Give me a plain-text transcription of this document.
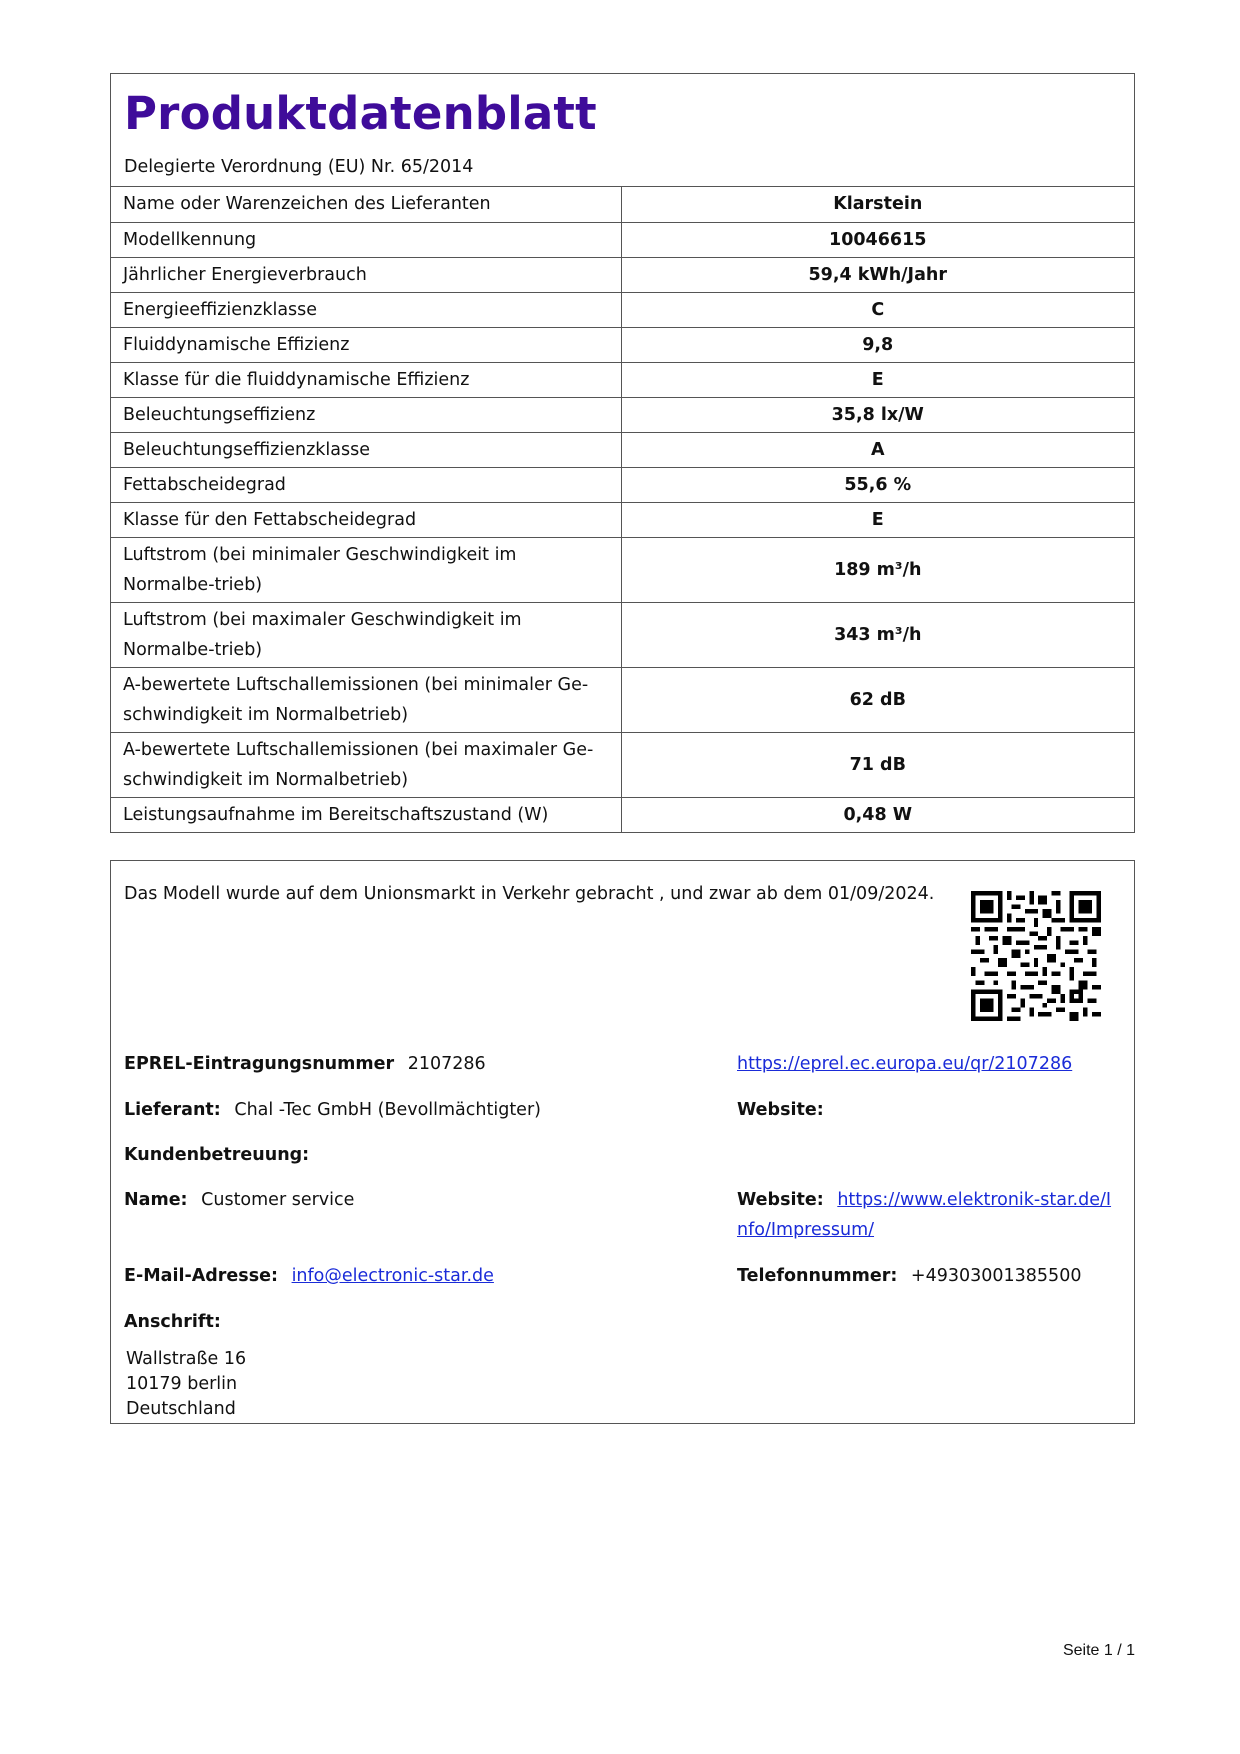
Produktdatenblatt
Delegierte Verordnung (EU) Nr. 65/2014
Name oder Warenzeichen des Lieferanten	Klarstein
Modellkennung	10046615
Jährlicher Energieverbrauch	59,4 kWh/Jahr
Energieeffizienzklasse	C
Fluiddynamische Effizienz	9,8
Klasse für die fluiddynamische Effizienz	E
Beleuchtungseffizienz	35,8 lx/W
Beleuchtungseffizienzklasse	A
Fettabscheidegrad	55,6 %
Klasse für den Fettabscheidegrad	E
Luftstrom (bei minimaler Geschwindigkeit im Normalbe-trieb)	189 m³/h
Luftstrom (bei maximaler Geschwindigkeit im Normalbe-trieb)	343 m³/h
A-bewertete Luftschallemissionen (bei minimaler Ge-schwindigkeit im Normalbetrieb)	62 dB
A-bewertete Luftschallemissionen (bei maximaler Ge-schwindigkeit im Normalbetrieb)	71 dB
Leistungsaufnahme im Bereitschaftszustand (W)	0,48 W
Das Modell wurde auf dem Unionsmarkt in Verkehr gebracht , und zwar ab dem 01/09/2024.
EPREL-Eintragungsnummer 2107286	https://eprel.ec.europa.eu/qr/2107286
Lieferant: Chal -Tec GmbH (Bevollmächtigter)	Website:
Kundenbetreuung:
Name: Customer service	Website: https://www.elektronik-star.de/Info/Impressum/
E-Mail-Adresse: info@electronic-star.de	Telefonnummer: +49303001385500
Anschrift:
Wallstraße 16
10179 berlin
Deutschland
Seite 1 / 1
